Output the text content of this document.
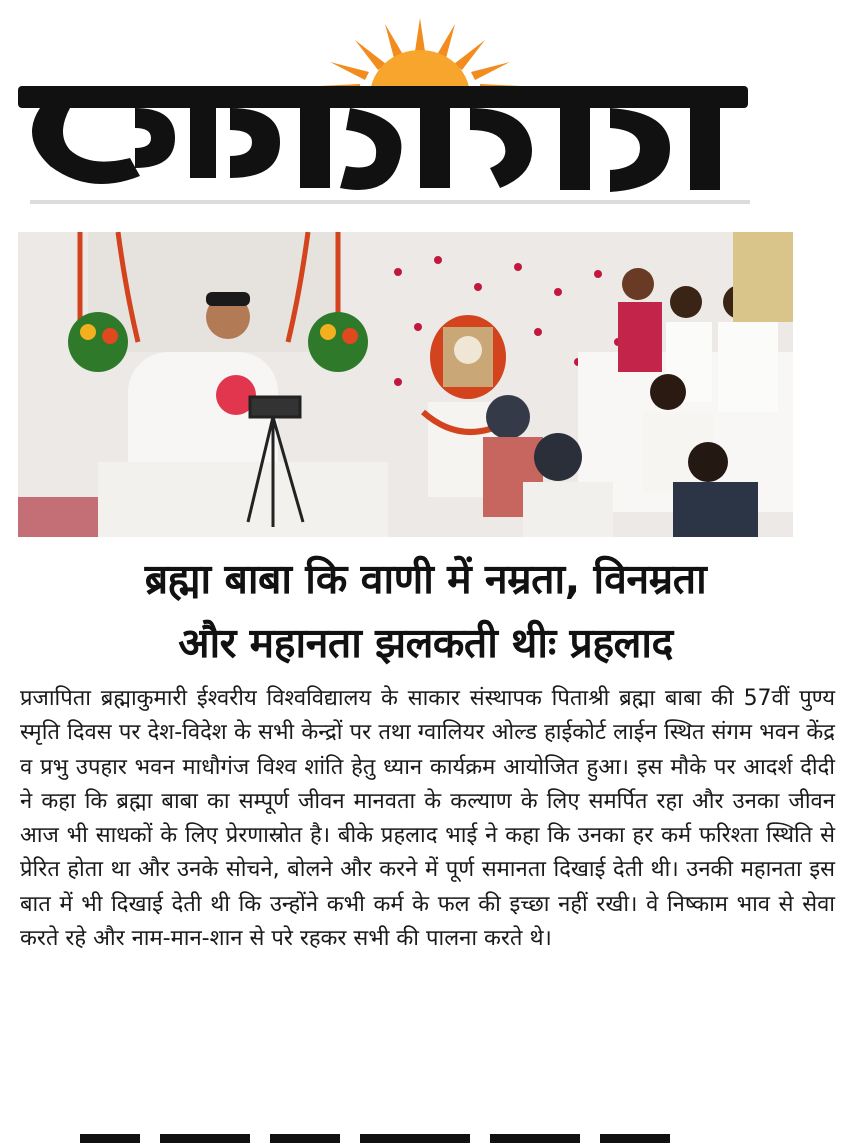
ब्रह्मा बाबा कि वाणी में नम्रता, विनम्रता
और महानता झलकती थीः प्रहलाद
प्रजापिता ब्रह्माकुमारी ईश्वरीय विश्वविद्यालय के साकार संस्थापक पिताश्री ब्रह्मा बाबा की 57वीं पुण्य स्मृति दिवस पर देश-विदेश के सभी केन्द्रों पर तथा ग्वालियर ओल्ड हाईकोर्ट लाईन स्थित संगम भवन केंद्र व प्रभु उपहार भवन माधौगंज विश्व शांति हेतु ध्यान कार्यक्रम आयोजित हुआ। इस मौके पर आदर्श दीदी ने कहा कि ब्रह्मा बाबा का सम्पूर्ण जीवन मानवता के कल्याण के लिए समर्पित रहा और उनका जीवन आज भी साधकों के लिए प्रेरणास्रोत है। बीके प्रहलाद भाई ने कहा कि उनका हर कर्म फरिश्ता स्थिति से प्रेरित होता था और उनके सोचने, बोलने और करने में पूर्ण समानता दिखाई देती थी। उनकी महानता इस बात में भी दिखाई देती थी कि उन्होंने कभी कर्म के फल की इच्छा नहीं रखी। वे निष्काम भाव से सेवा करते रहे और नाम-मान-शान से परे रहकर सभी की पालना करते थे।
